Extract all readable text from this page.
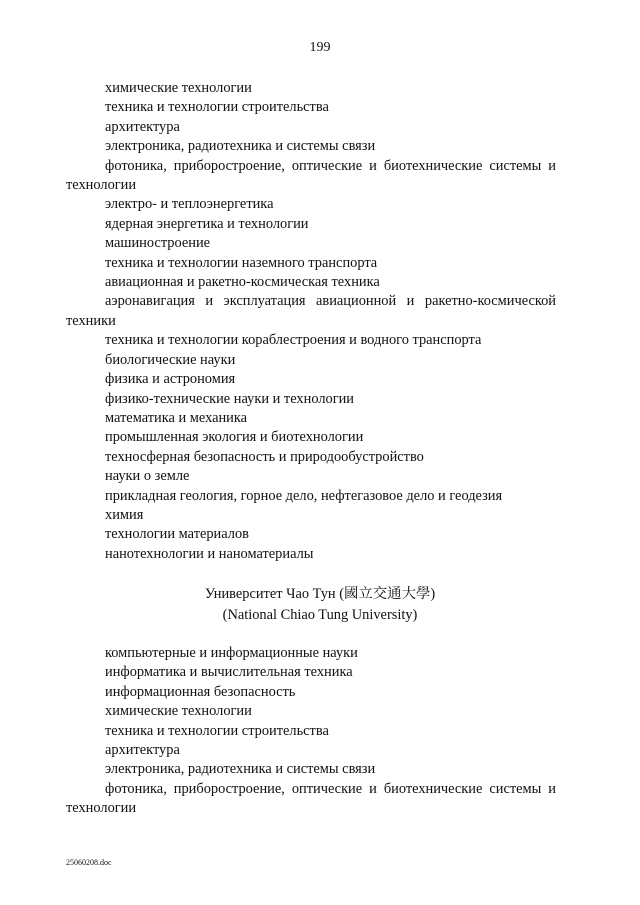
199
химические технологии
техника и технологии строительства
архитектура
электроника, радиотехника и системы связи
фотоника, приборостроение, оптические и биотехнические системы и технологии
электро- и теплоэнергетика
ядерная энергетика и технологии
машиностроение
техника и технологии наземного транспорта
авиационная и ракетно-космическая техника
аэронавигация и эксплуатация авиационной и ракетно-космической техники
техника и технологии кораблестроения и водного транспорта
биологические науки
физика и астрономия
физико-технические науки и технологии
математика и механика
промышленная экология и биотехнологии
техносферная безопасность и природообустройство
науки о земле
прикладная геология, горное дело, нефтегазовое дело и геодезия
химия
технологии материалов
нанотехнологии и наноматериалы
Университет Чао Тун (國立交通大學)
(National Chiao Tung University)
компьютерные и информационные науки
информатика и вычислительная техника
информационная безопасность
химические технологии
техника и технологии строительства
архитектура
электроника, радиотехника и системы связи
фотоника, приборостроение, оптические и биотехнические системы и технологии
25060208.doc
